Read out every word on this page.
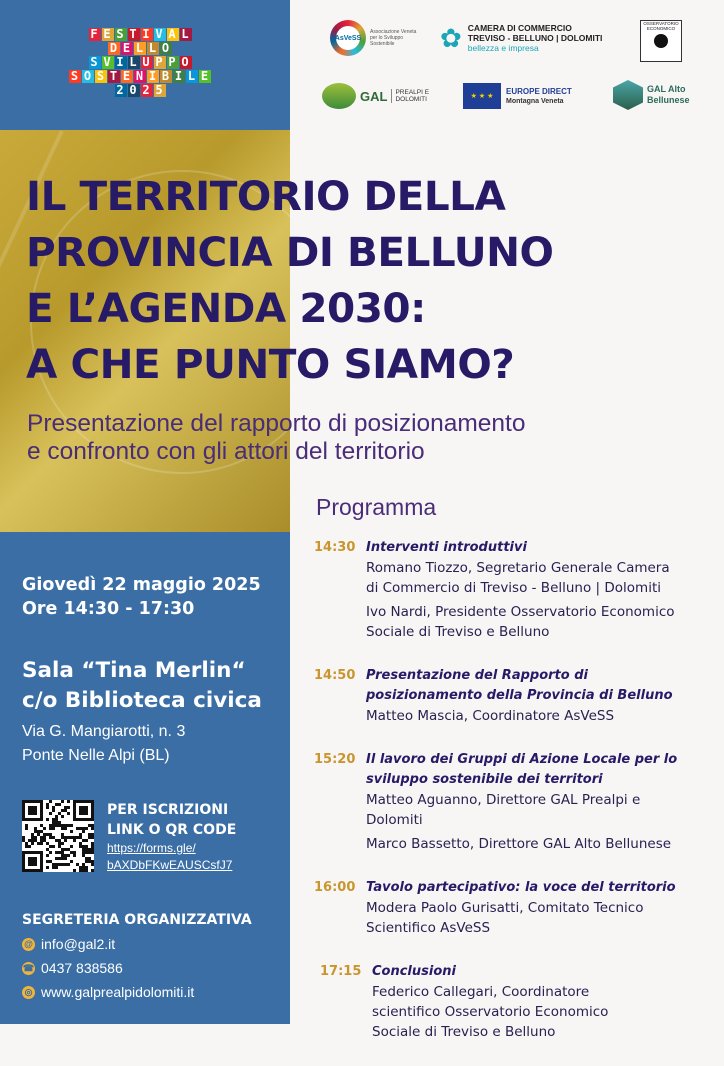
F E S T I V A L
D E L L O
S V I L U P P O
S O S T E N I B I L E
2 0 2 5
AsVeSS
Associazione Veneta per lo Sviluppo Sostenibile	✿ CAMERA DI COMMERCIO
TREVISO - BELLUNO | DOLOMITI
bellezza e impresa
OSSERVATORIO
ECONOMICO
GAL PREALPI E
DOLOMITI	★ ★ ★
EUROPE DIRECT
Montagna Veneta
GAL Alto
Bellunese
IL TERRITORIO DELLA
PROVINCIA DI BELLUNO
E L’AGENDA 2030:
A CHE PUNTO SIAMO?
Presentazione del rapporto di posizionamento
e confronto con gli attori del territorio
Programma
14:30 Interventi introduttivi
Romano Tiozzo, Segretario Generale Camera
di Commercio di Treviso - Belluno | Dolomiti
Ivo Nardi, Presidente Osservatorio Economico
Sociale di Treviso e Belluno
14:50 Presentazione del Rapporto di
posizionamento della Provincia di Belluno
Matteo Mascia, Coordinatore AsVeSS
15:20 Il lavoro dei Gruppi di Azione Locale per lo
sviluppo sostenibile dei territori
Matteo Aguanno, Direttore GAL Prealpi e
Dolomiti
Marco Bassetto, Direttore GAL Alto Bellunese
16:00 Tavolo partecipativo: la voce del territorio
Modera Paolo Gurisatti, Comitato Tecnico
Scientifico AsVeSS
17:15 Conclusioni
Federico Callegari, Coordinatore
scientifico Osservatorio Economico
Sociale di Treviso e Belluno
Giovedì 22 maggio 2025
Ore 14:30 - 17:30
Sala “Tina Merlin“
c/o Biblioteca civica
Via G. Mangiarotti, n. 3
Ponte Nelle Alpi (BL)
PER ISCRIZIONI
LINK O QR CODE
https://forms.gle/
bAXDbFKwEAUSCsfJ7
SEGRETERIA ORGANIZZATIVA
@ info@gal2.it
☎ 0437 838586
◎ www.galprealpidolomiti.it
